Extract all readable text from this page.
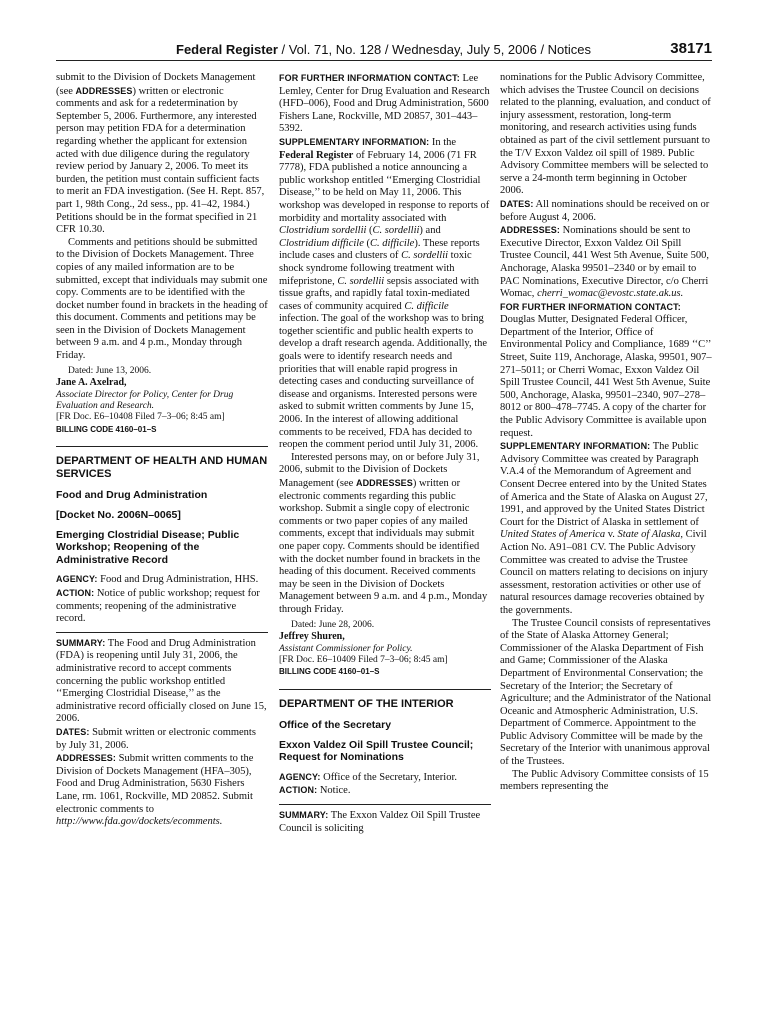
Federal Register / Vol. 71, No. 128 / Wednesday, July 5, 2006 / Notices	38171

submit to the Division of Dockets Management (see ADDRESSES) written or electronic comments and ask for a redetermination by September 5, 2006. Furthermore, any interested person may petition FDA for a determination regarding whether the applicant for extension acted with due diligence during the regulatory review period by January 2, 2006. To meet its burden, the petition must contain sufficient facts to merit an FDA investigation. (See H. Rept. 857, part 1, 98th Cong., 2d sess., pp. 41–42, 1984.) Petitions should be in the format specified in 21 CFR 10.30.

Comments and petitions should be submitted to the Division of Dockets Management. Three copies of any mailed information are to be submitted, except that individuals may submit one copy. Comments are to be identified with the docket number found in brackets in the heading of this document. Comments and petitions may be seen in the Division of Dockets Management between 9 a.m. and 4 p.m., Monday through Friday.

Dated: June 13, 2006.

Jane A. Axelrad,

Associate Director for Policy, Center for Drug Evaluation and Research.

[FR Doc. E6–10408 Filed 7–3–06; 8:45 am]

BILLING CODE 4160–01–S

DEPARTMENT OF HEALTH AND HUMAN SERVICES
Food and Drug Administration
[Docket No. 2006N–0065]
Emerging Clostridial Disease; Public Workshop; Reopening of the Administrative Record

AGENCY: Food and Drug Administration, HHS.

ACTION: Notice of public workshop; request for comments; reopening of the administrative record.

SUMMARY: The Food and Drug Administration (FDA) is reopening until July 31, 2006, the administrative record to accept comments concerning the public workshop entitled ‘‘Emerging Clostridial Disease,’’ as the administrative record officially closed on June 15, 2006.

DATES: Submit written or electronic comments by July 31, 2006.

ADDRESSES: Submit written comments to the Division of Dockets Management (HFA–305), Food and Drug Administration, 5630 Fishers Lane, rm. 1061, Rockville, MD 20852. Submit electronic comments to http://www.fda.gov/dockets/ecomments.

FOR FURTHER INFORMATION CONTACT: Lee Lemley, Center for Drug Evaluation and Research (HFD–006), Food and Drug Administration, 5600 Fishers Lane, Rockville, MD 20857, 301–443–5392.

SUPPLEMENTARY INFORMATION: In the Federal Register of February 14, 2006 (71 FR 7778), FDA published a notice announcing a public workshop entitled ‘‘Emerging Clostridial Disease,’’ to be held on May 11, 2006. This workshop was developed in response to reports of morbidity and mortality associated with Clostridium sordellii (C. sordellii) and Clostridium difficile (C. difficile). These reports include cases and clusters of C. sordellii toxic shock syndrome following treatment with mifepristone, C. sordellii sepsis associated with tissue grafts, and rapidly fatal toxin-mediated cases of community acquired C. difficile infection. The goal of the workshop was to bring together scientific and public health experts to develop a draft research agenda. Additionally, the goals were to identify research needs and priorities that will enable rapid progress in detecting cases and conducting surveillance of disease and organisms. Interested persons were asked to submit written comments by June 15, 2006. In the interest of allowing additional comments to be received, FDA has decided to reopen the comment period until July 31, 2006.

Interested persons may, on or before July 31, 2006, submit to the Division of Dockets Management (see ADDRESSES) written or electronic comments regarding this public workshop. Submit a single copy of electronic comments or two paper copies of any mailed comments, except that individuals may submit one paper copy. Comments should be identified with the docket number found in brackets in the heading of this document. Received comments may be seen in the Division of Dockets Management between 9 a.m. and 4 p.m., Monday through Friday.

Dated: June 28, 2006.

Jeffrey Shuren,

Assistant Commissioner for Policy.

[FR Doc. E6–10409 Filed 7–3–06; 8:45 am]

BILLING CODE 4160–01–S

DEPARTMENT OF THE INTERIOR
Office of the Secretary
Exxon Valdez Oil Spill Trustee Council; Request for Nominations

AGENCY: Office of the Secretary, Interior.

ACTION: Notice.

SUMMARY: The Exxon Valdez Oil Spill Trustee Council is soliciting

nominations for the Public Advisory Committee, which advises the Trustee Council on decisions related to the planning, evaluation, and conduct of injury assessment, restoration, long-term monitoring, and research activities using funds obtained as part of the civil settlement pursuant to the T/V Exxon Valdez oil spill of 1989. Public Advisory Committee members will be selected to serve a 24-month term beginning in October 2006.

DATES: All nominations should be received on or before August 4, 2006.

ADDRESSES: Nominations should be sent to Executive Director, Exxon Valdez Oil Spill Trustee Council, 441 West 5th Avenue, Suite 500, Anchorage, Alaska 99501–2340 or by email to PAC Nominations, Executive Director, c/o Cherri Womac, cherri_womac@evostc.state.ak.us.

FOR FURTHER INFORMATION CONTACT: Douglas Mutter, Designated Federal Officer, Department of the Interior, Office of Environmental Policy and Compliance, 1689 ‘‘C’’ Street, Suite 119, Anchorage, Alaska, 99501, 907–271–5011; or Cherri Womac, Exxon Valdez Oil Spill Trustee Council, 441 West 5th Avenue, Suite 500, Anchorage, Alaska, 99501–2340, 907–278–8012 or 800–478–7745. A copy of the charter for the Public Advisory Committee is available upon request.

SUPPLEMENTARY INFORMATION: The Public Advisory Committee was created by Paragraph V.A.4 of the Memorandum of Agreement and Consent Decree entered into by the United States of America and the State of Alaska on August 27, 1991, and approved by the United States District Court for the District of Alaska in settlement of United States of America v. State of Alaska, Civil Action No. A91–081 CV. The Public Advisory Committee was created to advise the Trustee Council on matters relating to decisions on injury assessment, restoration activities or other use of natural resources damage recoveries obtained by the governments.

The Trustee Council consists of representatives of the State of Alaska Attorney General; Commissioner of the Alaska Department of Fish and Game; Commissioner of the Alaska Department of Environmental Conservation; the Secretary of the Interior; the Secretary of Agriculture; and the Administrator of the National Oceanic and Atmospheric Administration, U.S. Department of Commerce. Appointment to the Public Advisory Committee will be made by the Secretary of the Interior with unanimous approval of the Trustees.

The Public Advisory Committee consists of 15 members representing the
